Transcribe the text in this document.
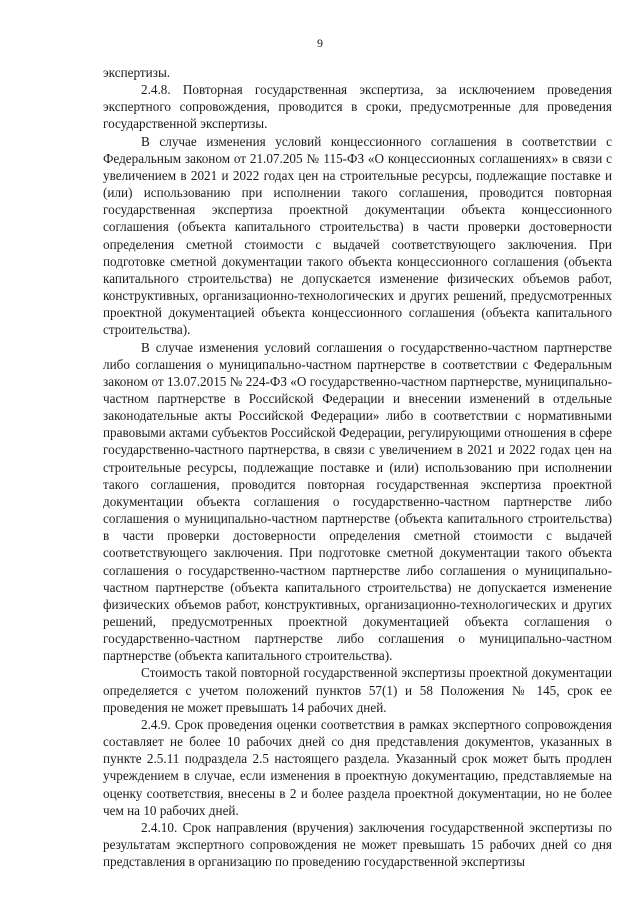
9

экспертизы.

2.4.8. Повторная государственная экспертиза, за исключением проведения экспертного сопровождения, проводится в сроки, предусмотренные для проведения государственной экспертизы.

В случае изменения условий концессионного соглашения в соответствии с Федеральным законом от 21.07.205 № 115-ФЗ «О концессионных соглашениях» в связи с увеличением в 2021 и 2022 годах цен на строительные ресурсы, подлежащие поставке и (или) использованию при исполнении такого соглашения, проводится повторная государственная экспертиза проектной документации объекта концессионного соглашения (объекта капитального строительства) в части проверки достоверности определения сметной стоимости с выдачей соответствующего заключения. При подготовке сметной документации такого объекта концессионного соглашения (объекта капитального строительства) не допускается изменение физических объемов работ, конструктивных, организационно-технологических и других решений, предусмотренных проектной документацией объекта концессионного соглашения (объекта капитального строительства).

В случае изменения условий соглашения о государственно-частном партнерстве либо соглашения о муниципально-частном партнерстве в соответствии с Федеральным законом от 13.07.2015 № 224-ФЗ «О государственно-частном партнерстве, муниципально-частном партнерстве в Российской Федерации и внесении изменений в отдельные законодательные акты Российской Федерации» либо в соответствии с нормативными правовыми актами субъектов Российской Федерации, регулирующими отношения в сфере государственно-частного партнерства, в связи с увеличением в 2021 и 2022 годах цен на строительные ресурсы, подлежащие поставке и (или) использованию при исполнении такого соглашения, проводится повторная государственная экспертиза проектной документации объекта соглашения о государственно-частном партнерстве либо соглашения о муниципально-частном партнерстве (объекта капитального строительства) в части проверки достоверности определения сметной стоимости с выдачей соответствующего заключения. При подготовке сметной документации такого объекта соглашения о государственно-частном партнерстве либо соглашения о муниципально-частном партнерстве (объекта капитального строительства) не допускается изменение физических объемов работ, конструктивных, организационно-технологических и других решений, предусмотренных проектной документацией объекта соглашения о государственно-частном партнерстве либо соглашения о муниципально-частном партнерстве (объекта капитального строительства).

Стоимость такой повторной государственной экспертизы проектной документации определяется с учетом положений пунктов 57(1) и 58 Положения № 145, срок ее проведения не может превышать 14 рабочих дней.

2.4.9. Срок проведения оценки соответствия в рамках экспертного сопровождения составляет не более 10 рабочих дней со дня представления документов, указанных в пункте 2.5.11 подраздела 2.5 настоящего раздела. Указанный срок может быть продлен учреждением в случае, если изменения в проектную документацию, представляемые на оценку соответствия, внесены в 2 и более раздела проектной документации, но не более чем на 10 рабочих дней.

2.4.10. Срок направления (вручения) заключения государственной экспертизы по результатам экспертного сопровождения не может превышать 15 рабочих дней со дня представления в организацию по проведению государственной экспертизы
